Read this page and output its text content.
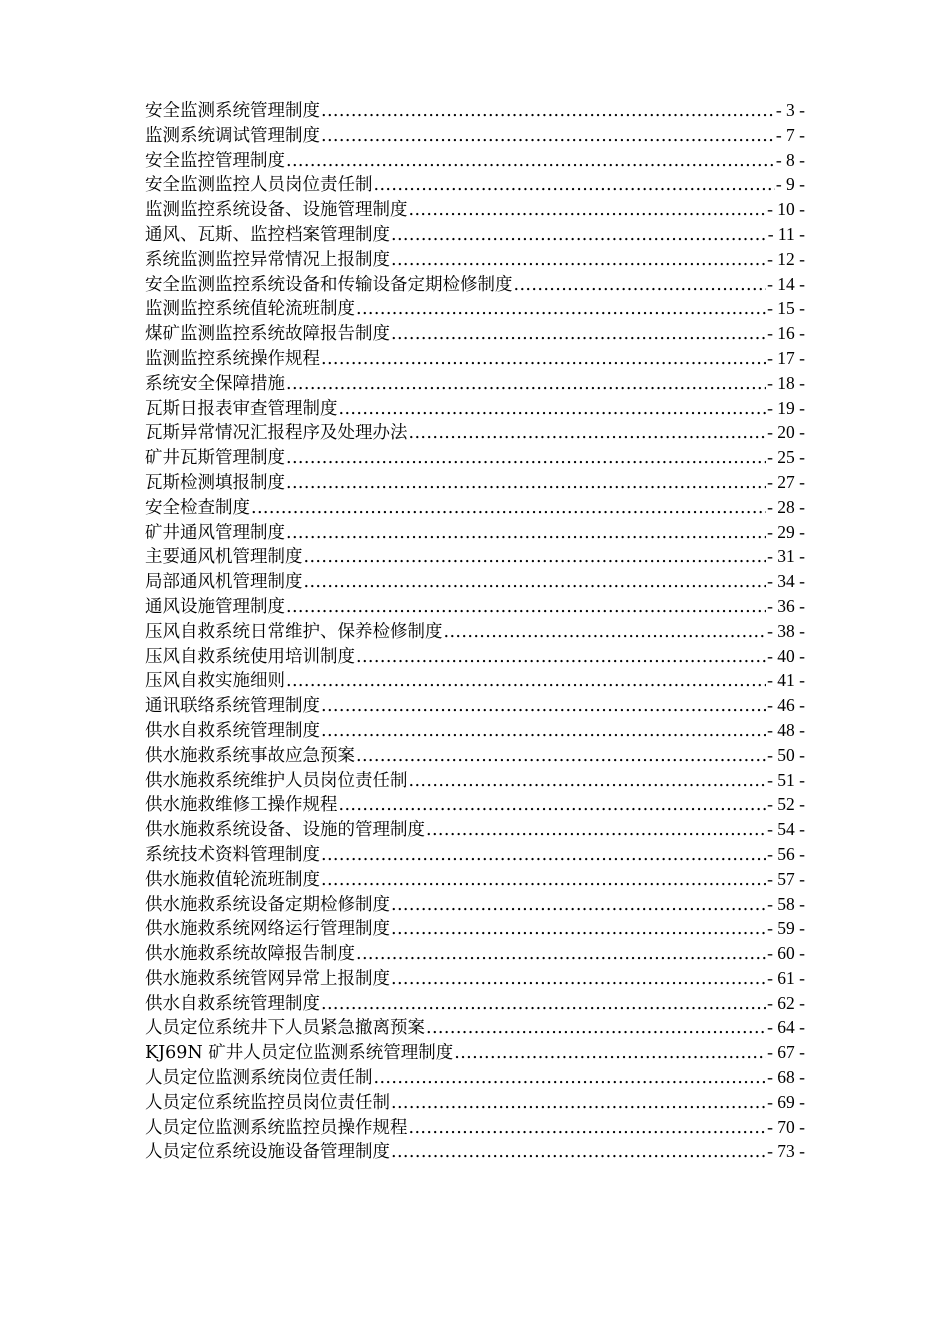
安全监测系统管理制度 .....	- 3 -
监测系统调试管理制度 .....	- 7 -
安全监控管理制度 .....	- 8 -
安全监测监控人员岗位责任制 .....	- 9 -
监测监控系统设备、设施管理制度 .....	- 10 -
通风、瓦斯、监控档案管理制度 .....	- 11 -
系统监测监控异常情况上报制度 .....	- 12 -
安全监测监控系统设备和传输设备定期检修制度 .....	- 14 -
监测监控系统值轮流班制度 .....	- 15 -
煤矿监测监控系统故障报告制度 .....	- 16 -
监测监控系统操作规程 .....	- 17 -
系统安全保障措施 .....	- 18 -
瓦斯日报表审查管理制度 .....	- 19 -
瓦斯异常情况汇报程序及处理办法 .....	- 20 -
矿井瓦斯管理制度 .....	- 25 -
瓦斯检测填报制度 .....	- 27 -
安全检查制度 .....	- 28 -
矿井通风管理制度 .....	- 29 -
主要通风机管理制度 .....	- 31 -
局部通风机管理制度 .....	- 34 -
通风设施管理制度 .....	- 36 -
压风自救系统日常维护、保养检修制度 .....	- 38 -
压风自救系统使用培训制度 .....	- 40 -
压风自救实施细则 .....	- 41 -
通讯联络系统管理制度 .....	- 46 -
供水自救系统管理制度 .....	- 48 -
供水施救系统事故应急预案 .....	- 50 -
供水施救系统维护人员岗位责任制 .....	- 51 -
供水施救维修工操作规程 .....	- 52 -
供水施救系统设备、设施的管理制度 .....	- 54 -
系统技术资料管理制度 .....	- 56 -
供水施救值轮流班制度 .....	- 57 -
供水施救系统设备定期检修制度 .....	- 58 -
供水施救系统网络运行管理制度 .....	- 59 -
供水施救系统故障报告制度 .....	- 60 -
供水施救系统管网异常上报制度 .....	- 61 -
供水自救系统管理制度 .....	- 62 -
人员定位系统井下人员紧急撤离预案 .....	- 64 -
KJ69N 矿井人员定位监测系统管理制度 .....	- 67 -
人员定位监测系统岗位责任制 .....	- 68 -
人员定位系统监控员岗位责任制 .....	- 69 -
人员定位监测系统监控员操作规程 .....	- 70 -
人员定位系统设施设备管理制度 .....	- 73 -
